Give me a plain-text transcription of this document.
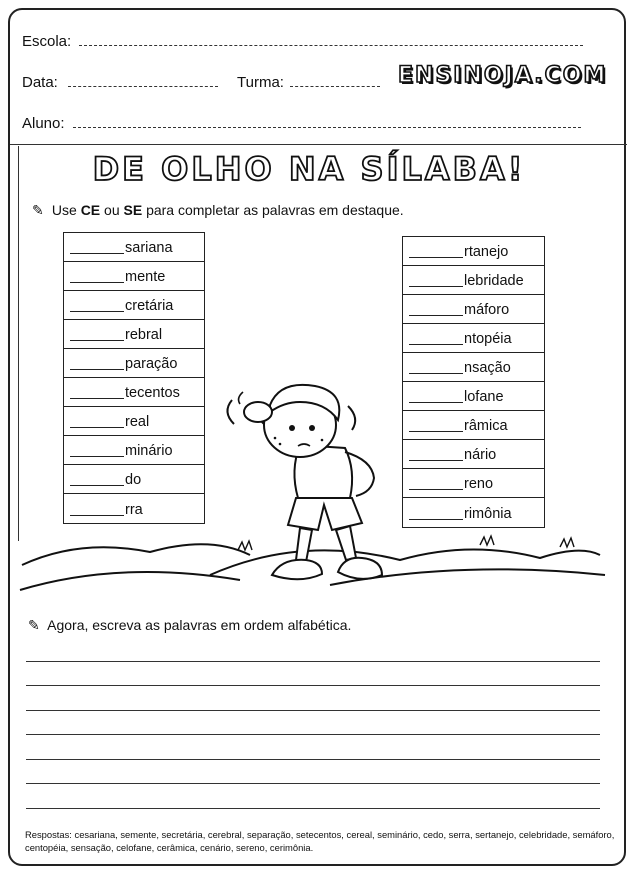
Escola:
Data:	Turma:	ENSINOJA.COM
Aluno:
DE OLHO NA SÍLABA!
✎ Use CE ou SE para completar as palavras em destaque.
sariana
mente
cretária
rebral
paração
tecentos
real
minário
do
rra
rtanejo
lebridade
máforo
ntopéia
nsação
lofane
râmica
nário
reno
rimônia
✎ Agora, escreva as palavras em ordem alfabética.
Respostas: cesariana, semente, secretária, cerebral, separação, setecentos, cereal, seminário, cedo, serra, sertanejo, celebridade, semáforo, centopéia, sensação, celofane, cerâmica, cenário, sereno, cerimônia.
